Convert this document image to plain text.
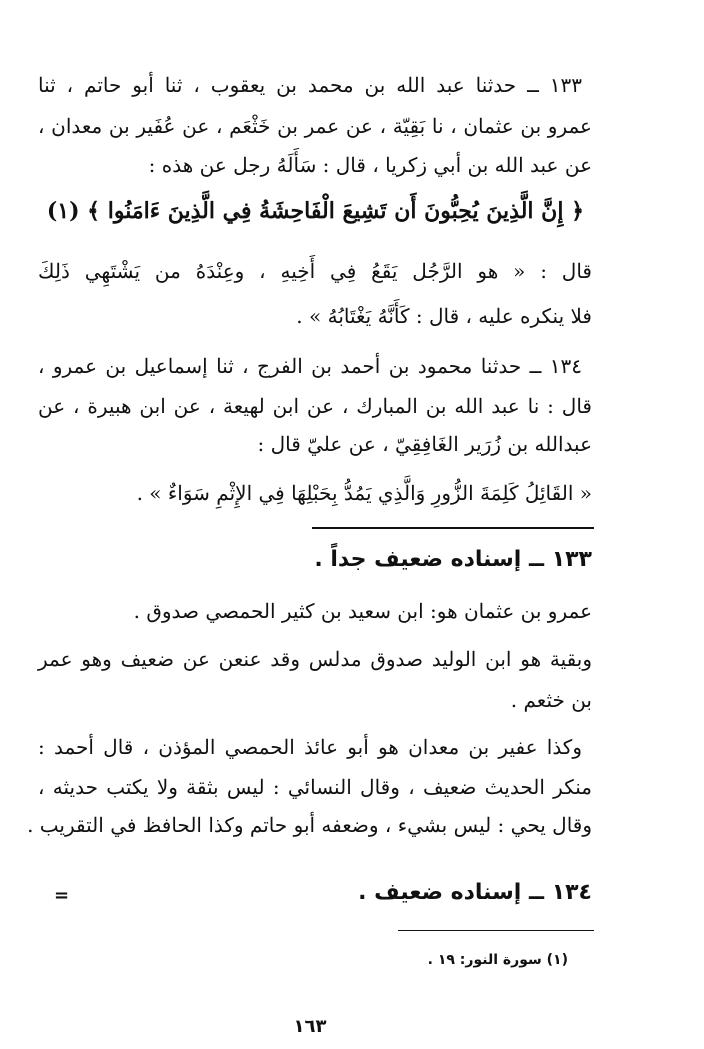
١٣٣ ــ حدثنا عبد الله بن محمد بن يعقوب ، ثنا أبو حاتم ، ثنا
عمرو بن عثمان ، نا بَقِيّة ، عن عمر بن خَثْعَم ، عن عُفَير بن معدان ،
عن عبد الله بن أبي زكريا ، قال : سَأَلَهُ رجل عن هذه :
﴿ إِنَّ الَّذِينَ يُحِبُّونَ أَن تَشِيعَ الْفَاحِشَةُ فِي الَّذِينَ ءَامَنُوا ﴾ (١)
قال : « هو الرَّجُل يَقَعُ فِي أَخِيهِ ، وعِنْدَهُ من يَشْتَهِي ذَلِكَ
فلا ينكره عليه ، قال : كَأَنَّهُ يَغْتَابُهُ » .
١٣٤ ــ حدثنا محمود بن أحمد بن الفرج ، ثنا إسماعيل بن عمرو ،
قال : نا عبد الله بن المبارك ، عن ابن لهيعة ، عن ابن هبيرة ، عن
عبدالله بن زُرَير الغَافِقِيّ ، عن عليّ قال :
« القَائِلُ كَلِمَةَ الزُّورِ وَالَّذِي يَمُدُّ بِحَبْلِهَا فِي الإِثْمِ سَوَاءٌ » .
١٣٣ ــ إسناده ضعيف جداً .
عمرو بن عثمان هو: ابن سعيد بن كثير الحمصي صدوق .
وبقية هو ابن الوليد صدوق مدلس وقد عنعن عن ضعيف وهو عمر
بن خثعم .
وكذا عفير بن معدان هو أبو عائذ الحمصي المؤذن ، قال أحمد :
منكر الحديث ضعيف ، وقال النسائي : ليس بثقة ولا يكتب حديثه ،
وقال يحي : ليس بشيء ، وضعفه أبو حاتم وكذا الحافظ في التقريب .
١٣٤ ــ إسناده ضعيف .
=
(١) سورة النور: ١٩ .
١٦٣
